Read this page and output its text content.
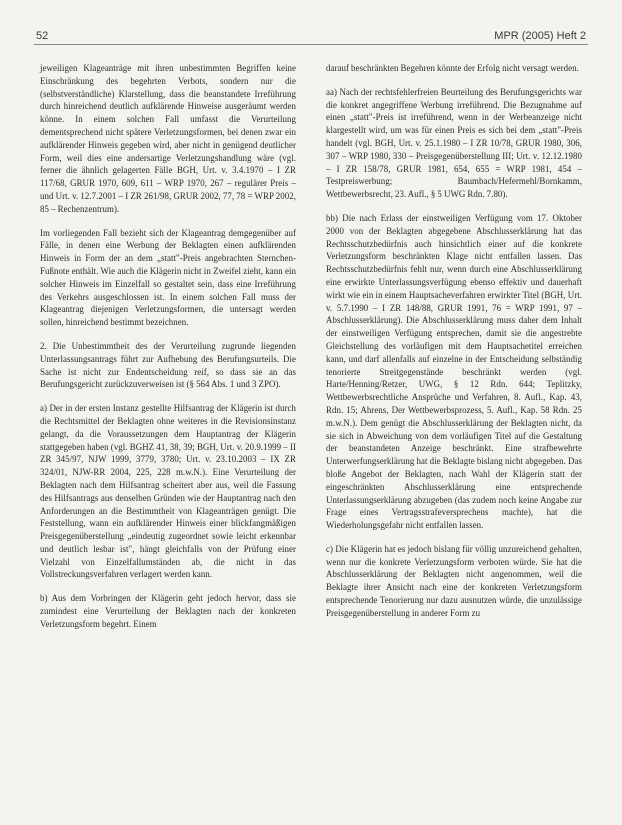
52	MPR (2005) Heft 2

jeweiligen Klageanträge mit ihren unbestimmten Begriffen keine Einschränkung des begehrten Verbots, sondern nur die (selbstverständliche) Klarstellung, dass die beanstandete Irreführung durch hinreichend deutlich aufklärende Hinweise ausgeräumt werden könne. In einem solchen Fall umfasst die Verurteilung dementsprechend nicht spätere Verletzungsformen, bei denen zwar ein aufklärender Hinweis gegeben wird, aber nicht in genügend deutlicher Form, weil dies eine andersartige Verletzungshandlung wäre (vgl. ferner die ähnlich gelagerten Fälle BGH, Urt. v. 3.4.1970 – I ZR 117/68, GRUR 1970, 609, 611 – WRP 1970, 267 – regulärer Preis – und Urt. v. 12.7.2001 – I ZR 261/98, GRUR 2002, 77, 78 = WRP 2002, 85 – Rechenzentrum).

Im vorliegenden Fall bezieht sich der Klageantrag demgegenüber auf Fälle, in denen eine Werbung der Beklagten einen aufklärenden Hinweis in Form der an dem „statt"-Preis angebrachten Sternchen-Fußnote enthält. Wie auch die Klägerin nicht in Zweifel zieht, kann ein solcher Hinweis im Einzelfall so gestaltet sein, dass eine Irreführung des Verkehrs ausgeschlossen ist. In einem solchen Fall muss der Klageantrag diejenigen Verletzungsformen, die untersagt werden sollen, hinreichend bestimmt bezeichnen.

2. Die Unbestimmtheit des der Verurteilung zugrunde liegenden Unterlassungsantrags führt zur Aufhebung des Berufungsurteils. Die Sache ist nicht zur Endentscheidung reif, so dass sie an das Berufungsgericht zurückzuverweisen ist (§ 564 Abs. 1 und 3 ZPO).

a) Der in der ersten Instanz gestellte Hilfsantrag der Klägerin ist durch die Rechtsmittel der Beklagten ohne weiteres in die Revisionsinstanz gelangt, da die Voraussetzungen dem Hauptantrag der Klägerin stattgegeben haben (vgl. BGHZ 41, 38, 39; BGH, Urt. v. 20.9.1999 – II ZR 345/97, NJW 1999, 3779, 3780; Urt. v. 23.10.2003 – IX ZR 324/01, NJW-RR 2004, 225, 228 m.w.N.). Eine Verurteilung der Beklagten nach dem Hilfsantrag scheitert aber aus, weil die Fassung des Hilfsantrags aus denselben Gründen wie der Hauptantrag nach den Anforderungen an die Bestimmtheit von Klageanträgen genügt. Die Feststellung, wann ein aufklärender Hinweis einer blickfangmäßigen Preisgegenüberstellung „eindeutig zugeordnet sowie leicht erkennbar und deutlich lesbar ist", hängt gleichfalls von der Prüfung einer Vielzahl von Einzelfallumständen ab, die nicht in das Vollstreckungsverfahren verlagert werden kann.

b) Aus dem Vorbringen der Klägerin geht jedoch hervor, dass sie zumindest eine Verurteilung der Beklagten nach der konkreten Verletzungsform begehrt. Einem

darauf beschränkten Begehren könnte der Erfolg nicht versagt werden.

aa) Nach der rechtsfehlerfreien Beurteilung des Berufungsgerichts war die konkret angegriffene Werbung irreführend. Die Bezugnahme auf einen „statt"-Preis ist irreführend, wenn in der Werbeanzeige nicht klargestellt wird, um was für einen Preis es sich bei dem „statt"-Preis handelt (vgl. BGH, Urt. v. 25.1.1980 – I ZR 10/78, GRUR 1980, 306, 307 – WRP 1980, 330 – Preisgegenüberstellung III; Urt. v. 12.12.1980 – I ZR 158/78, GRUR 1981, 654, 655 = WRP 1981, 454 – Testpreiswerbung; Baumbach/Hefermehl/Bornkamm, Wettbewerbsrecht, 23. Aufl., § 5 UWG Rdn. 7.80).

bb) Die nach Erlass der einstweiligen Verfügung vom 17. Oktober 2000 von der Beklagten abgegebene Abschlusserklärung hat das Rechtsschutzbedürfnis auch hinsichtlich einer auf die konkrete Verletzungsform beschränkten Klage nicht entfallen lassen. Das Rechtsschutzbedürfnis fehlt nur, wenn durch eine Abschlusserklärung eine erwirkte Unterlassungsverfügung ebenso effektiv und dauerhaft wirkt wie ein in einem Hauptsacheverfahren erwirkter Titel (BGH, Urt. v. 5.7.1990 – I ZR 148/88, GRUR 1991, 76 = WRP 1991, 97 – Abschlusserklärung). Die Abschlusserklärung muss daher dem Inhalt der einstweiligen Verfügung entsprechen, damit sie die angestrebte Gleichstellung des vorläufigen mit dem Hauptsachetitel erreichen kann, und darf allenfalls auf einzelne in der Entscheidung selbständig tenorierte Streitgegenstände beschränkt werden (vgl. Harte/Henning/Retzer, UWG, § 12 Rdn. 644; Teplitzky, Wettbewerbsrechtliche Ansprüche und Verfahren, 8. Aufl., Kap. 43, Rdn. 15; Ahrens, Der Wettbewerbsprozess, 5. Aufl., Kap. 58 Rdn. 25 m.w.N.). Dem genügt die Abschlusserklärung der Beklagten nicht, da sie sich in Abweichung von dem vorläufigen Titel auf die Gestaltung der beanstandeten Anzeige beschränkt. Eine strafbewehrte Unterwerfungserklärung hat die Beklagte bislang nicht abgegeben. Das bloße Angebot der Beklagten, nach Wahl der Klägerin statt der eingeschränkten Abschlusserklärung eine entsprechende Unterlassungserklärung abzugeben (das zudem noch keine Angabe zur Frage eines Vertragsstrafeversprechens machte), hat die Wiederholungsgefahr nicht entfallen lassen.

c) Die Klägerin hat es jedoch bislang für völlig unzureichend gehalten, wenn nur die konkrete Verletzungsform verboten würde. Sie hat die Abschlusserklärung der Beklagten nicht angenommen, weil die Beklagte ihrer Ansicht nach eine der konkreten Verletzungsform entsprechende Tenorierung nur dazu ausnutzen würde, die unzulässige Preisgegenüberstellung in anderer Form zu
